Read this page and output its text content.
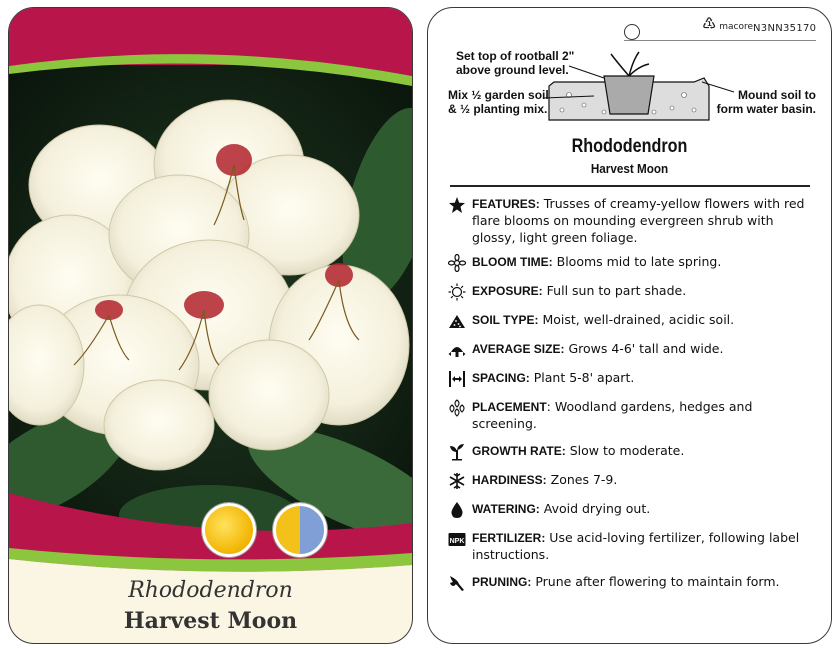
Rhododendron
Harvest Moon
♳ macore N3NN35170
Set top of rootball 2" above ground level.
Mix ½ garden soil & ½ planting mix.
Mound soil to form water basin.
Rhododendron
Harvest Moon
FEATURES: Trusses of creamy-yellow flowers with red flare blooms on mounding evergreen shrub with glossy, light green foliage.
BLOOM TIME: Blooms mid to late spring.
EXPOSURE: Full sun to part shade.
SOIL TYPE: Moist, well-drained, acidic soil.
AVERAGE SIZE: Grows 4-6' tall and wide.
SPACING: Plant 5-8' apart.
PLACEMENT: Woodland gardens, hedges and screening.
GROWTH RATE: Slow to moderate.
HARDINESS: Zones 7-9.
WATERING: Avoid drying out.
NPK FERTILIZER: Use acid-loving fertilizer, following label instructions.
PRUNING: Prune after flowering to maintain form.
